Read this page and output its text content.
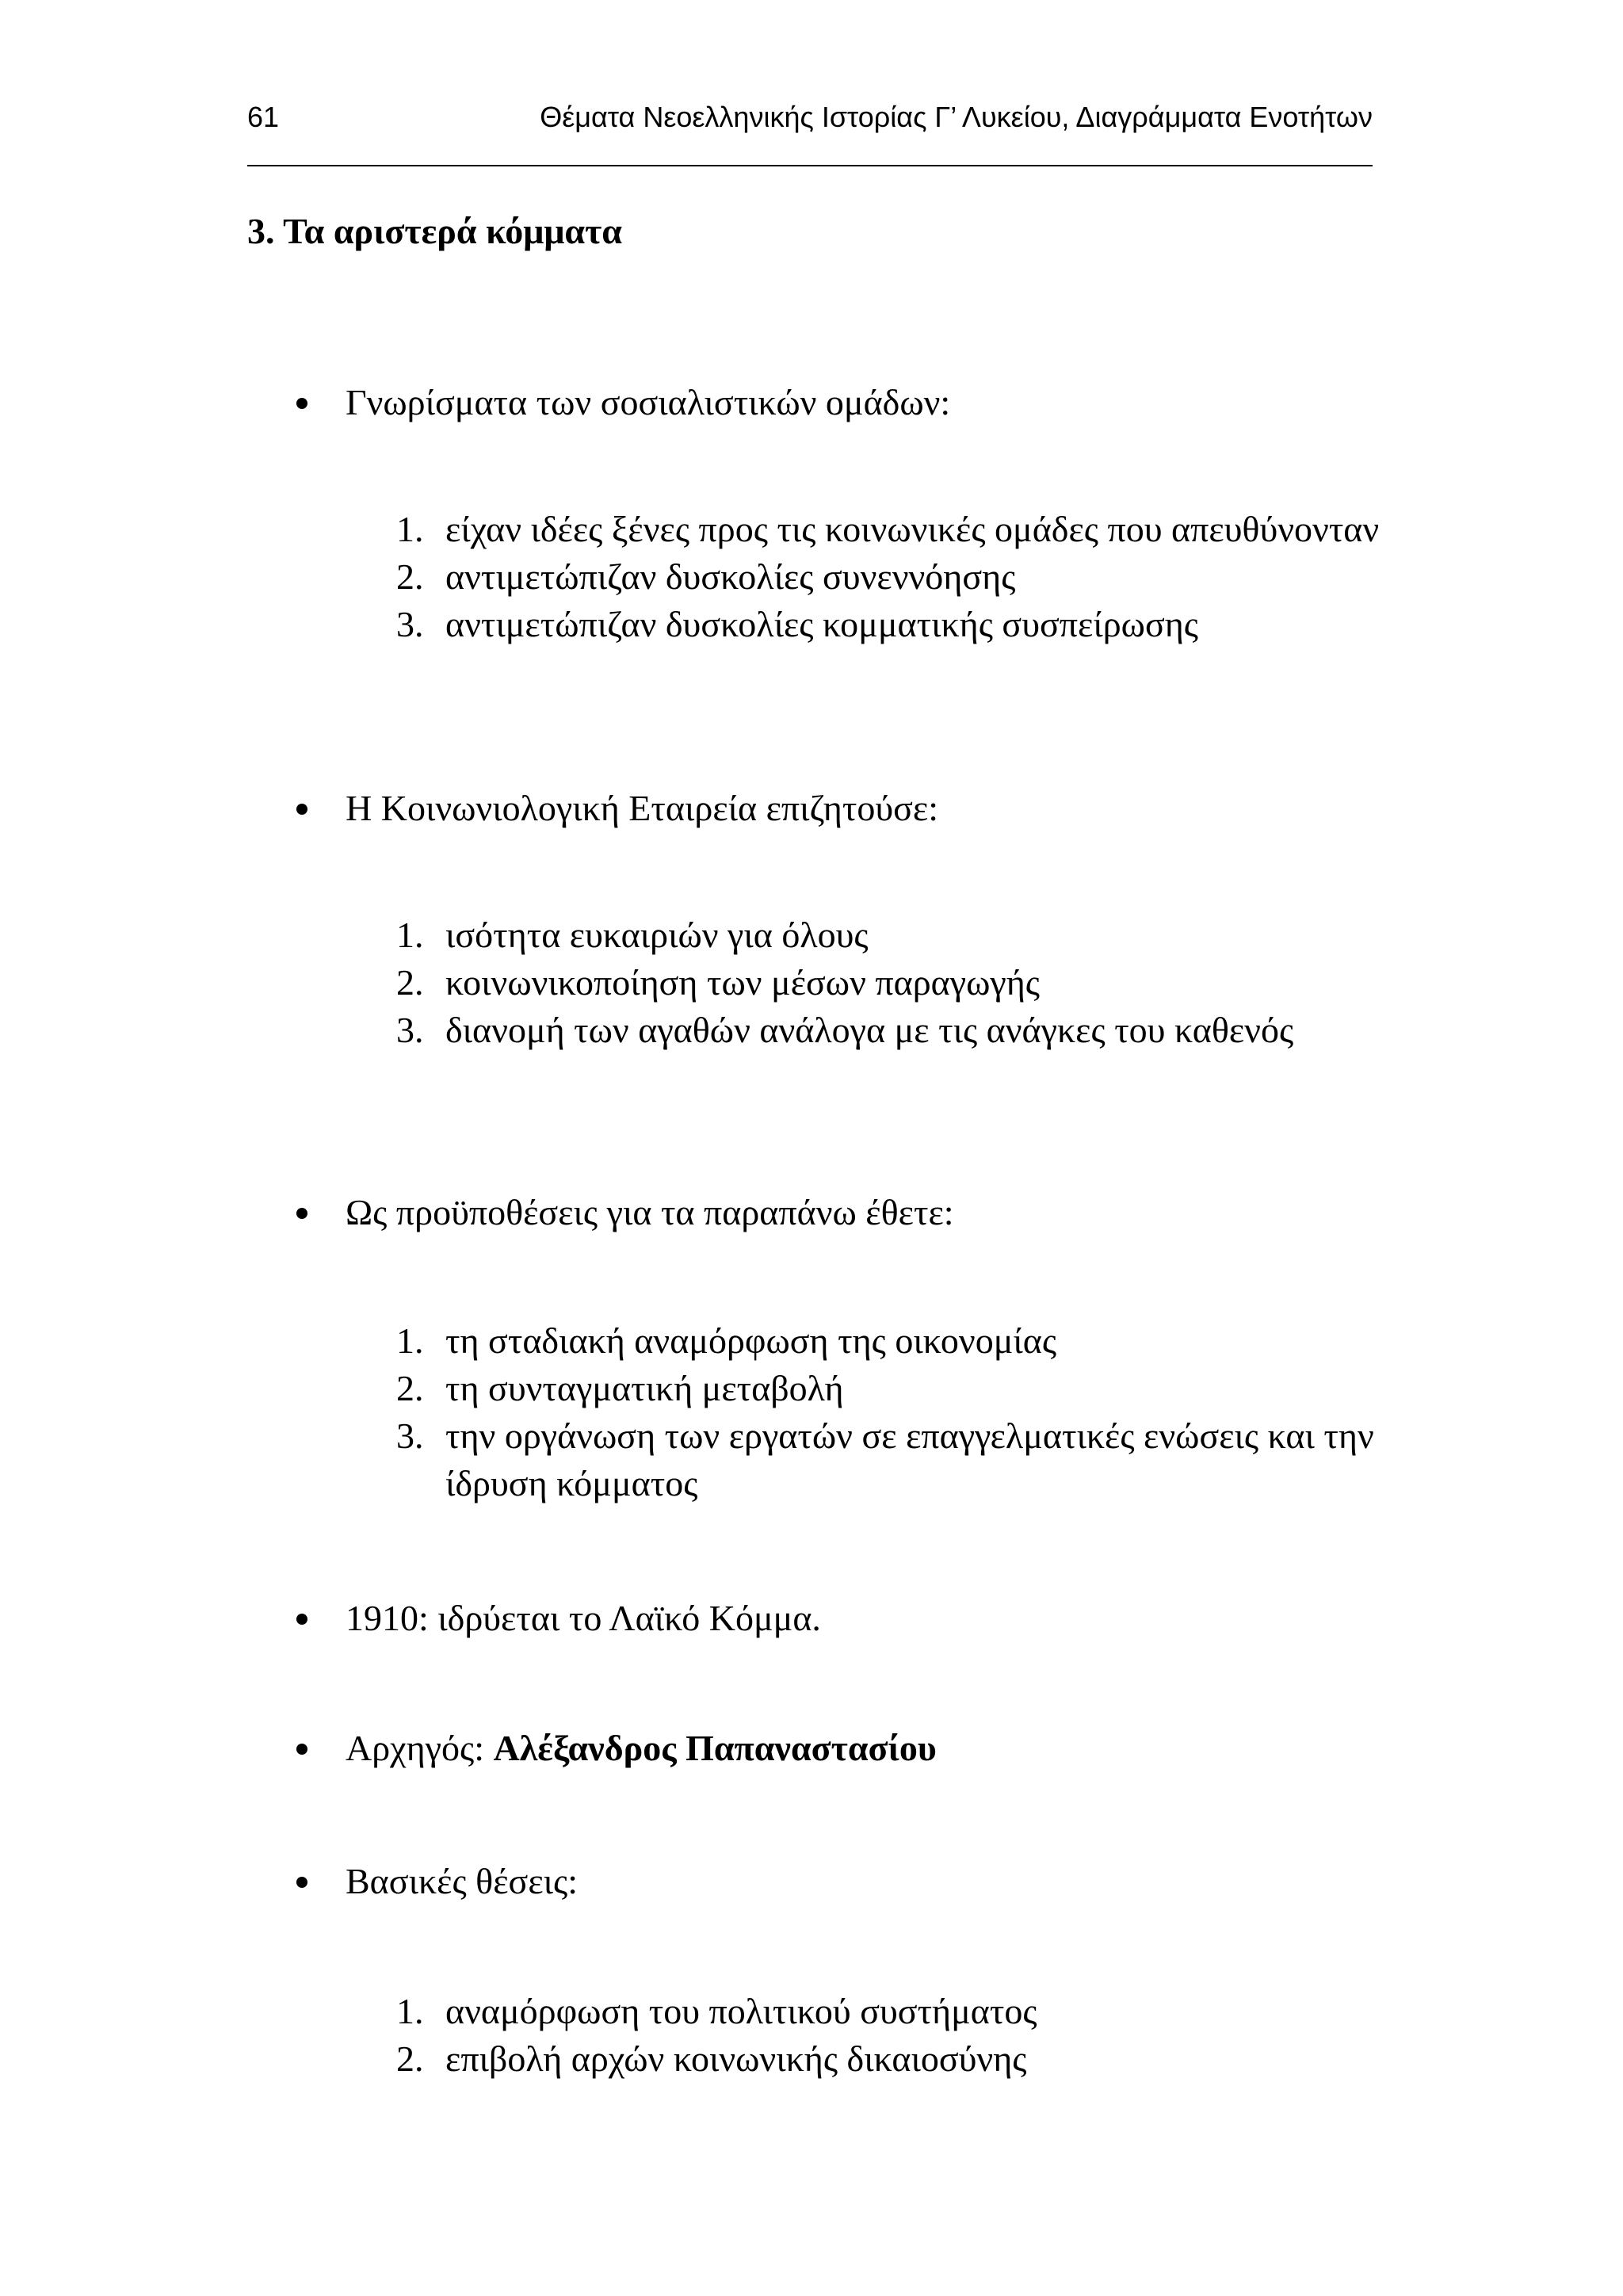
61	Θέματα Νεοελληνικής Ιστορίας Γ’ Λυκείου, Διαγράμματα Ενοτήτων
3. Τα αριστερά κόμματα
Γνωρίσματα των σοσιαλιστικών ομάδων:
1. είχαν ιδέες ξένες προς τις κοινωνικές ομάδες που απευθύνονταν
2. αντιμετώπιζαν δυσκολίες συνεννόησης
3. αντιμετώπιζαν δυσκολίες κομματικής συσπείρωσης
Η Κοινωνιολογική Εταιρεία επιζητούσε:
1. ισότητα ευκαιριών για όλους
2. κοινωνικοποίηση των μέσων παραγωγής
3. διανομή των αγαθών ανάλογα με τις ανάγκες του καθενός
Ως προϋποθέσεις για τα παραπάνω έθετε:
1. τη σταδιακή αναμόρφωση της οικονομίας
2. τη συνταγματική μεταβολή
3. την οργάνωση των εργατών σε επαγγελματικές ενώσεις και την ίδρυση κόμματος
1910: ιδρύεται το Λαϊκό Κόμμα.
Αρχηγός: Αλέξανδρος Παπαναστασίου
Βασικές θέσεις:
1. αναμόρφωση του πολιτικού συστήματος
2. επιβολή αρχών κοινωνικής δικαιοσύνης
